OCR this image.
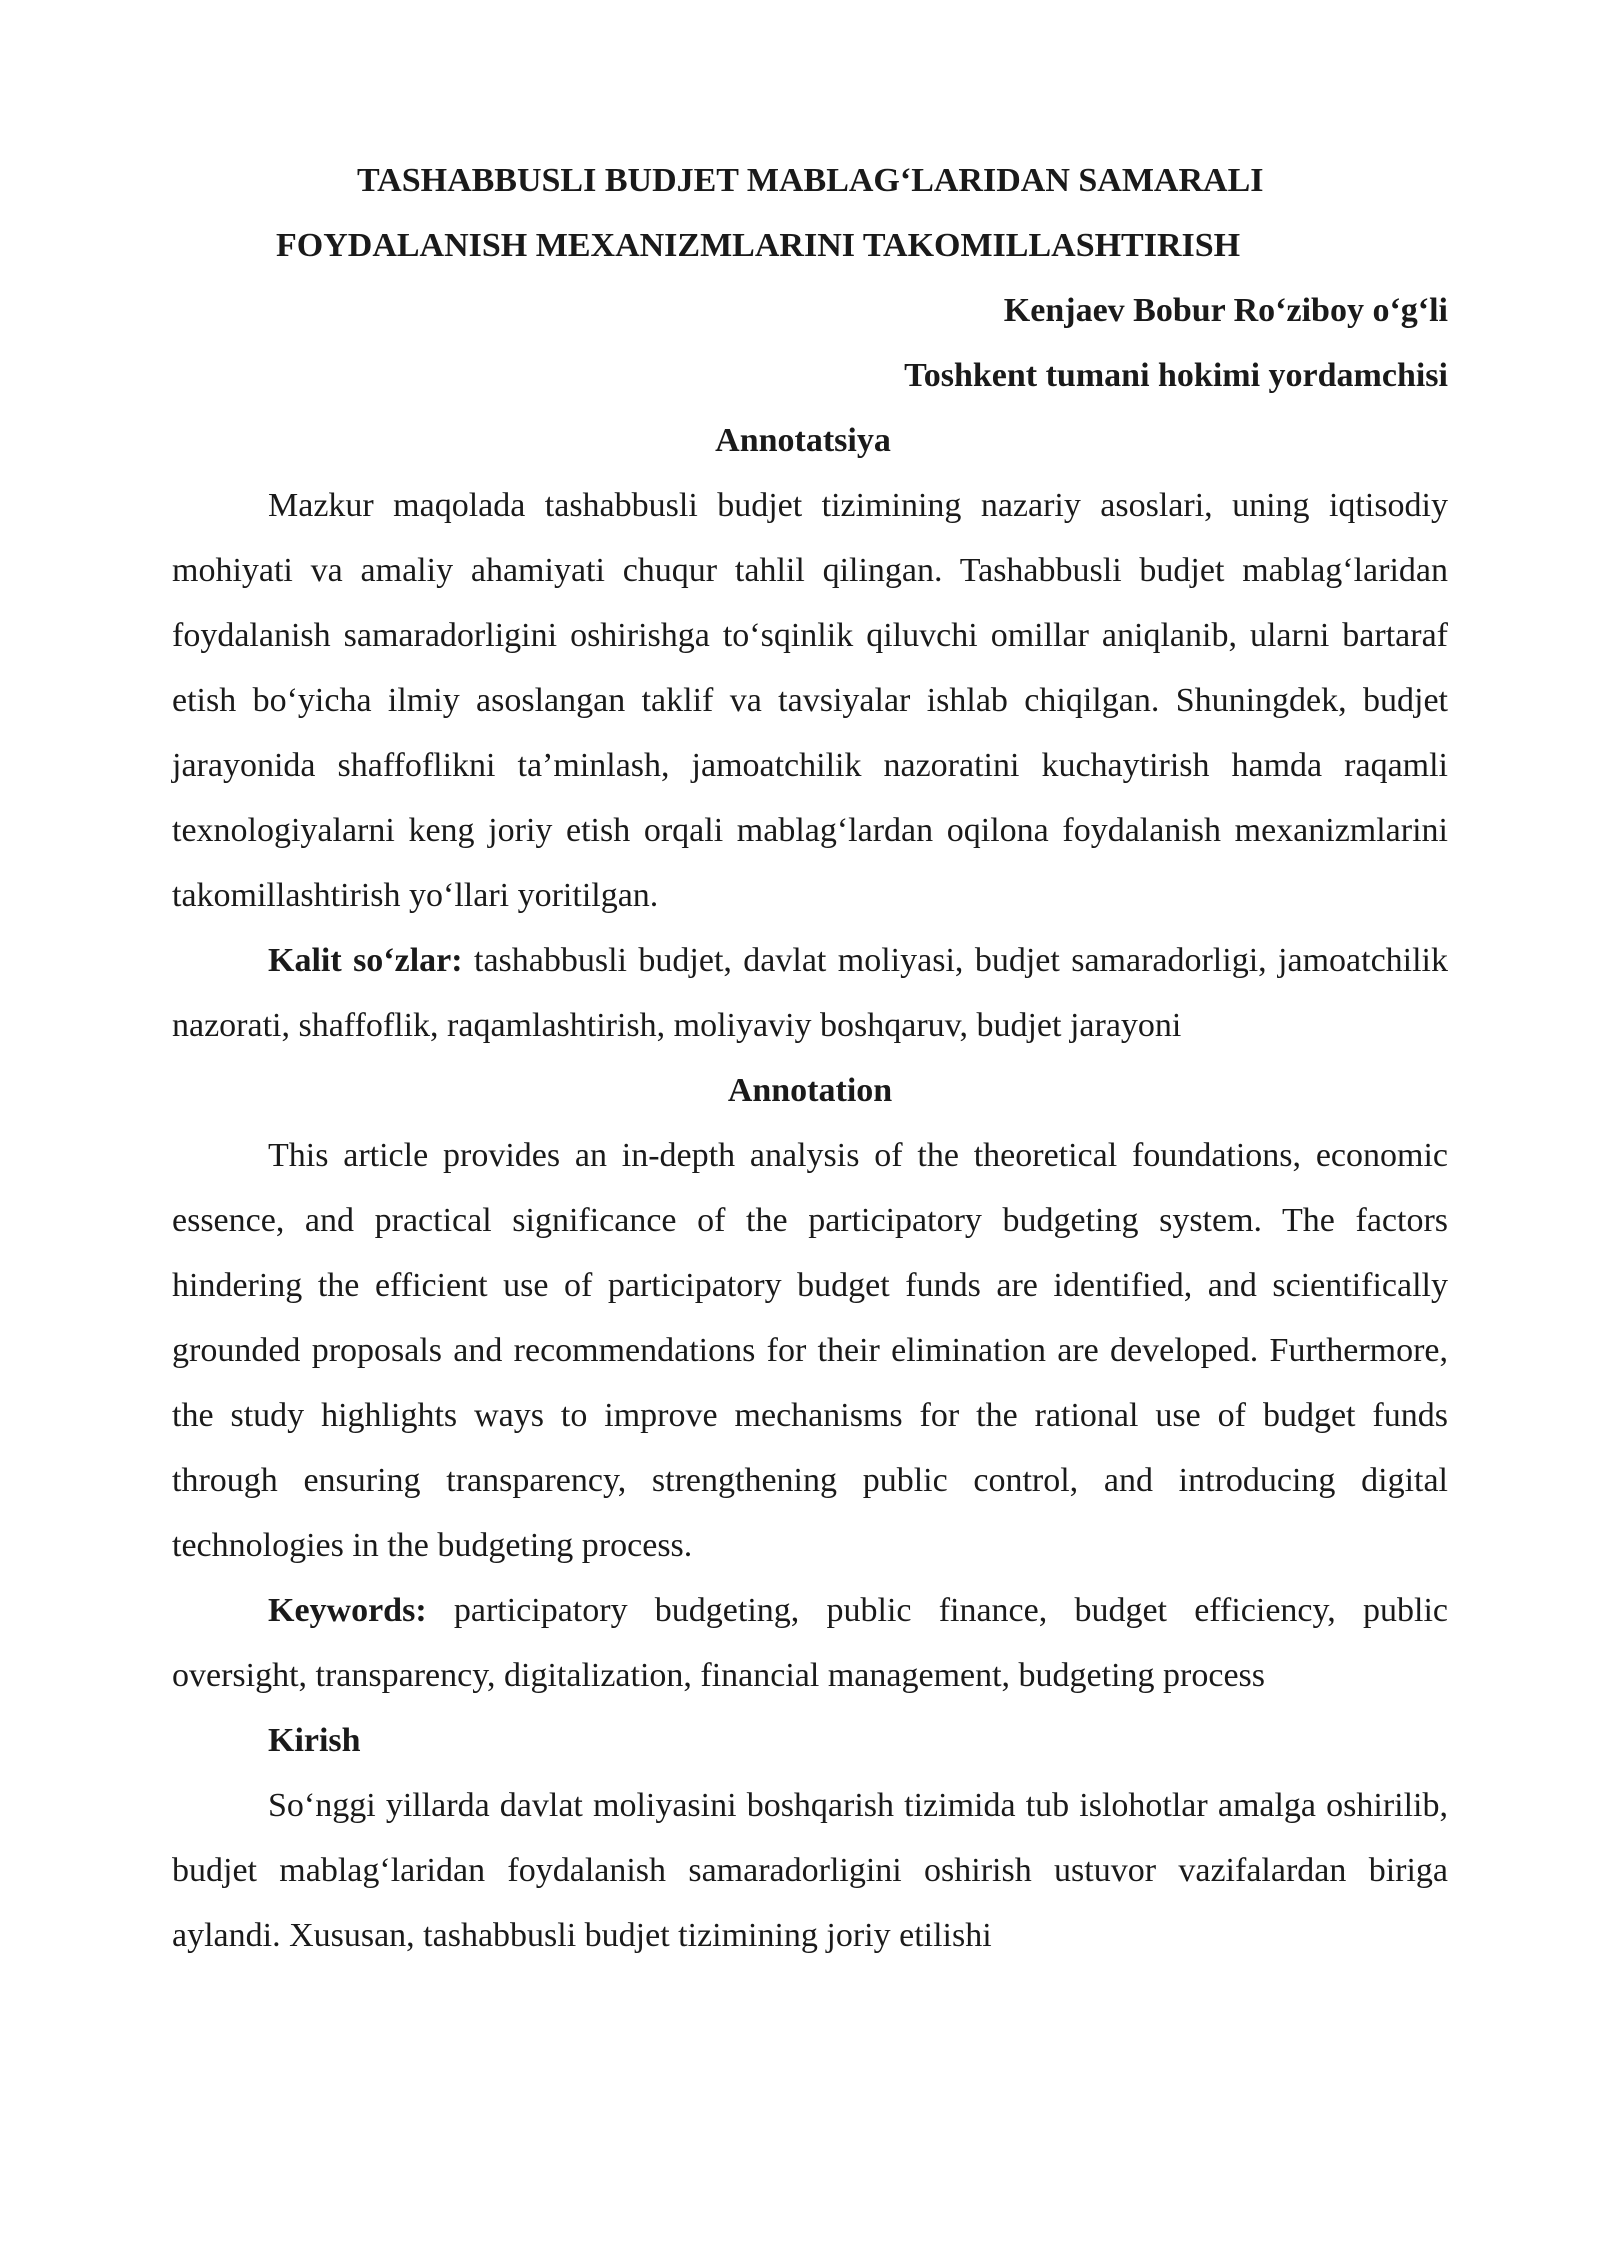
TASHABBUSLI BUDJET MABLAG‘LARIDAN SAMARALI

FOYDALANISH MEXANIZMLARINI TAKOMILLASHTIRISH

Kenjaev Bobur Ro‘ziboy o‘g‘li

Toshkent tumani hokimi yordamchisi

Annotatsiya

Mazkur maqolada tashabbusli budjet tizimining nazariy asoslari, uning iqtisodiy mohiyati va amaliy ahamiyati chuqur tahlil qilingan. Tashabbusli budjet mablag‘laridan foydalanish samaradorligini oshirishga to‘sqinlik qiluvchi omillar aniqlanib, ularni bartaraf etish bo‘yicha ilmiy asoslangan taklif va tavsiyalar ishlab chiqilgan. Shuningdek, budjet jarayonida shaffoflikni ta’minlash, jamoatchilik nazoratini kuchaytirish hamda raqamli texnologiyalarni keng joriy etish orqali mablag‘lardan oqilona foydalanish mexanizmlarini takomillashtirish yo‘llari yoritilgan.

Kalit so‘zlar: tashabbusli budjet, davlat moliyasi, budjet samaradorligi, jamoatchilik nazorati, shaffoflik, raqamlashtirish, moliyaviy boshqaruv, budjet jarayoni

Annotation

This article provides an in-depth analysis of the theoretical foundations, economic essence, and practical significance of the participatory budgeting system. The factors hindering the efficient use of participatory budget funds are identified, and scientifically grounded proposals and recommendations for their elimination are developed. Furthermore, the study highlights ways to improve mechanisms for the rational use of budget funds through ensuring transparency, strengthening public control, and introducing digital technologies in the budgeting process.

Keywords: participatory budgeting, public finance, budget efficiency, public oversight, transparency, digitalization, financial management, budgeting process

Kirish

So‘nggi yillarda davlat moliyasini boshqarish tizimida tub islohotlar amalga oshirilib, budjet mablag‘laridan foydalanish samaradorligini oshirish ustuvor vazifalardan biriga aylandi. Xususan, tashabbusli budjet tizimining joriy etilishi
